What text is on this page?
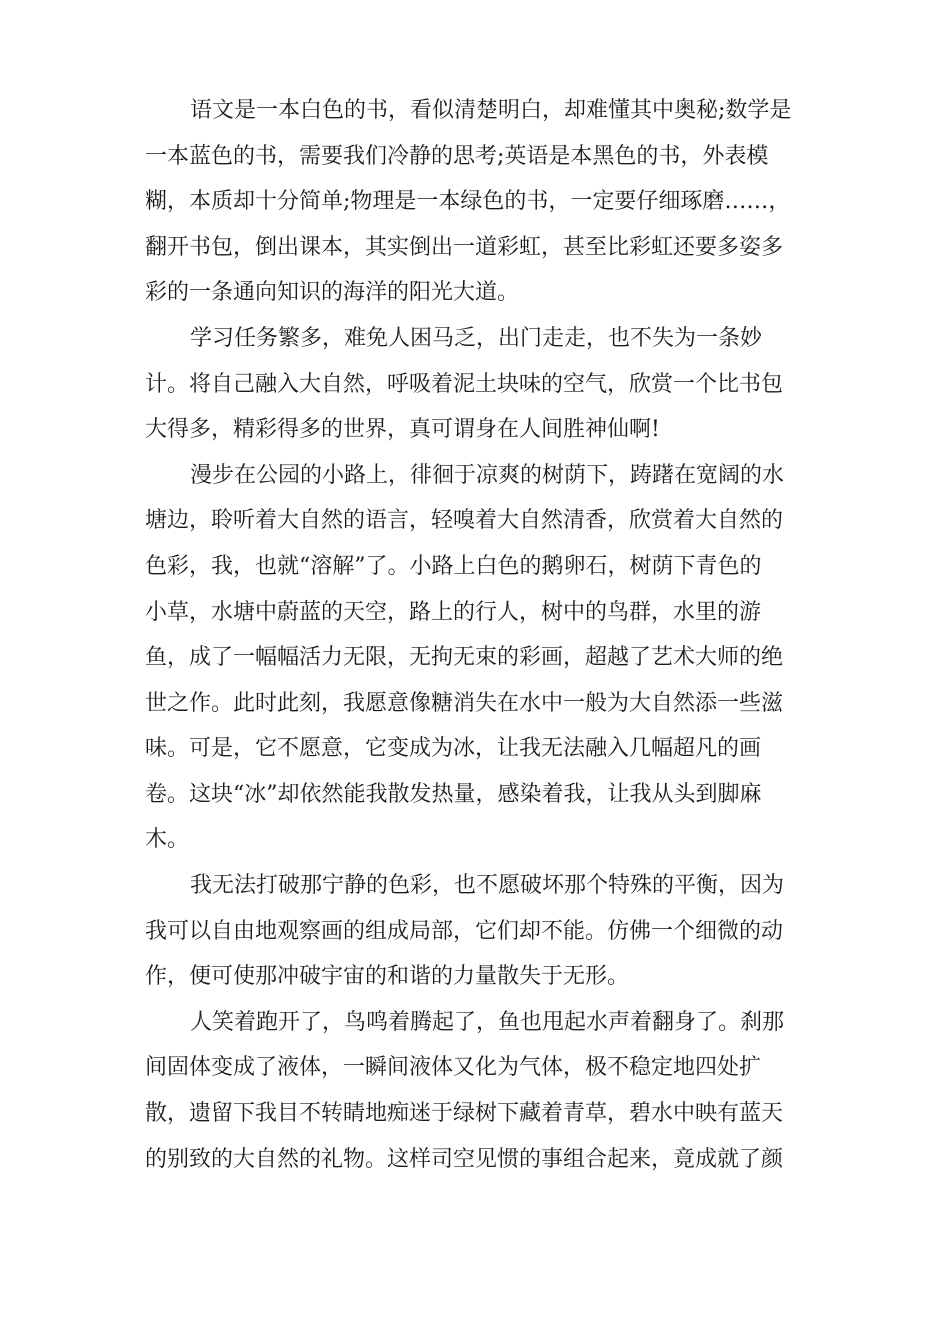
语文是一本白色的书，看似清楚明白，却难懂其中奥秘;数学是
一本蓝色的书，需要我们冷静的思考;英语是本黑色的书，外表模
糊，本质却十分简单;物理是一本绿色的书，一定要仔细琢磨……，
翻开书包，倒出课本，其实倒出一道彩虹，甚至比彩虹还要多姿多
彩的一条通向知识的海洋的阳光大道。
学习任务繁多，难免人困马乏，出门走走，也不失为一条妙
计。将自己融入大自然，呼吸着泥土块味的空气，欣赏一个比书包
大得多，精彩得多的世界，真可谓身在人间胜神仙啊!
漫步在公园的小路上，徘徊于凉爽的树荫下，踌躇在宽阔的水
塘边，聆听着大自然的语言，轻嗅着大自然清香，欣赏着大自然的
色彩，我，也就“溶解”了。小路上白色的鹅卵石，树荫下青色的
小草，水塘中蔚蓝的天空，路上的行人，树中的鸟群，水里的游
鱼，成了一幅幅活力无限，无拘无束的彩画，超越了艺术大师的绝
世之作。此时此刻，我愿意像糖消失在水中一般为大自然添一些滋
味。可是，它不愿意，它变成为冰，让我无法融入几幅超凡的画
卷。这块“冰”却依然能我散发热量，感染着我，让我从头到脚麻
木。
我无法打破那宁静的色彩，也不愿破坏那个特殊的平衡，因为
我可以自由地观察画的组成局部，它们却不能。仿佛一个细微的动
作，便可使那冲破宇宙的和谐的力量散失于无形。
人笑着跑开了，鸟鸣着腾起了，鱼也甩起水声着翻身了。刹那
间固体变成了液体，一瞬间液体又化为气体，极不稳定地四处扩
散，遗留下我目不转睛地痴迷于绿树下藏着青草，碧水中映有蓝天
的别致的大自然的礼物。这样司空见惯的事组合起来，竟成就了颜
